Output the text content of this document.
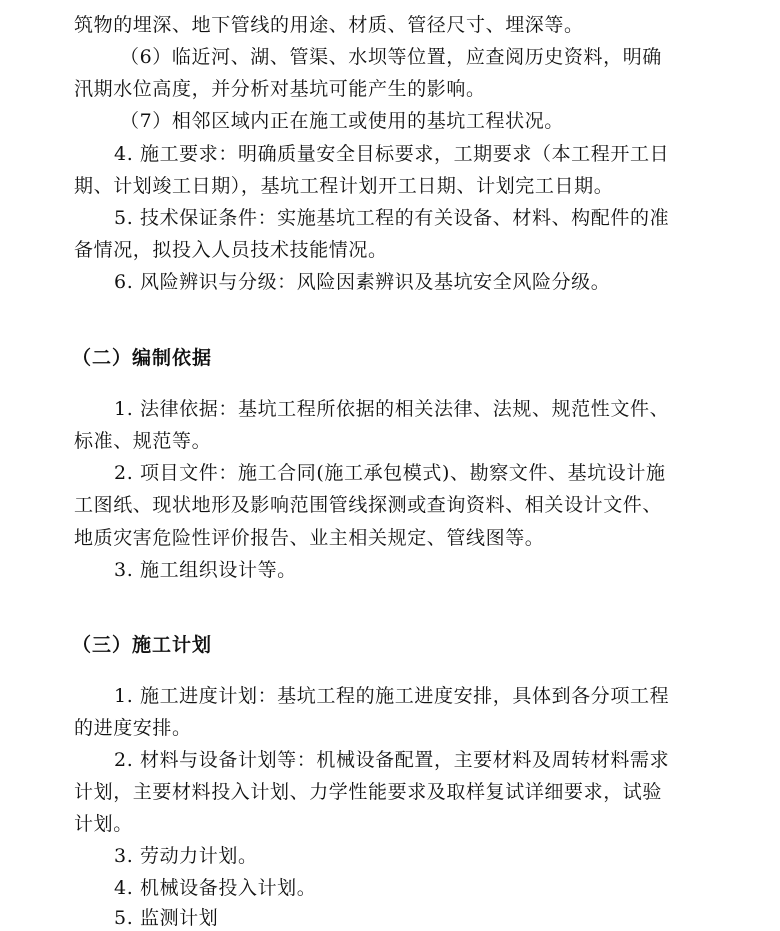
筑物的埋深、地下管线的用途、材质、管径尺寸、埋深等。
（6）临近河、湖、管渠、水坝等位置，应查阅历史资料，明确
汛期水位高度，并分析对基坑可能产生的影响。
（7）相邻区域内正在施工或使用的基坑工程状况。
4. 施工要求：明确质量安全目标要求，工期要求（本工程开工日
期、计划竣工日期），基坑工程计划开工日期、计划完工日期。
5. 技术保证条件：实施基坑工程的有关设备、材料、构配件的准
备情况，拟投入人员技术技能情况。
6. 风险辨识与分级：风险因素辨识及基坑安全风险分级。
（二）编制依据
1. 法律依据：基坑工程所依据的相关法律、法规、规范性文件、
标准、规范等。
2. 项目文件：施工合同(施工承包模式)、勘察文件、基坑设计施
工图纸、现状地形及影响范围管线探测或查询资料、相关设计文件、
地质灾害危险性评价报告、业主相关规定、管线图等。
3. 施工组织设计等。
（三）施工计划
1. 施工进度计划：基坑工程的施工进度安排，具体到各分项工程
的进度安排。
2. 材料与设备计划等：机械设备配置，主要材料及周转材料需求
计划，主要材料投入计划、力学性能要求及取样复试详细要求，试验
计划。
3. 劳动力计划。
4. 机械设备投入计划。
5. 监测计划
